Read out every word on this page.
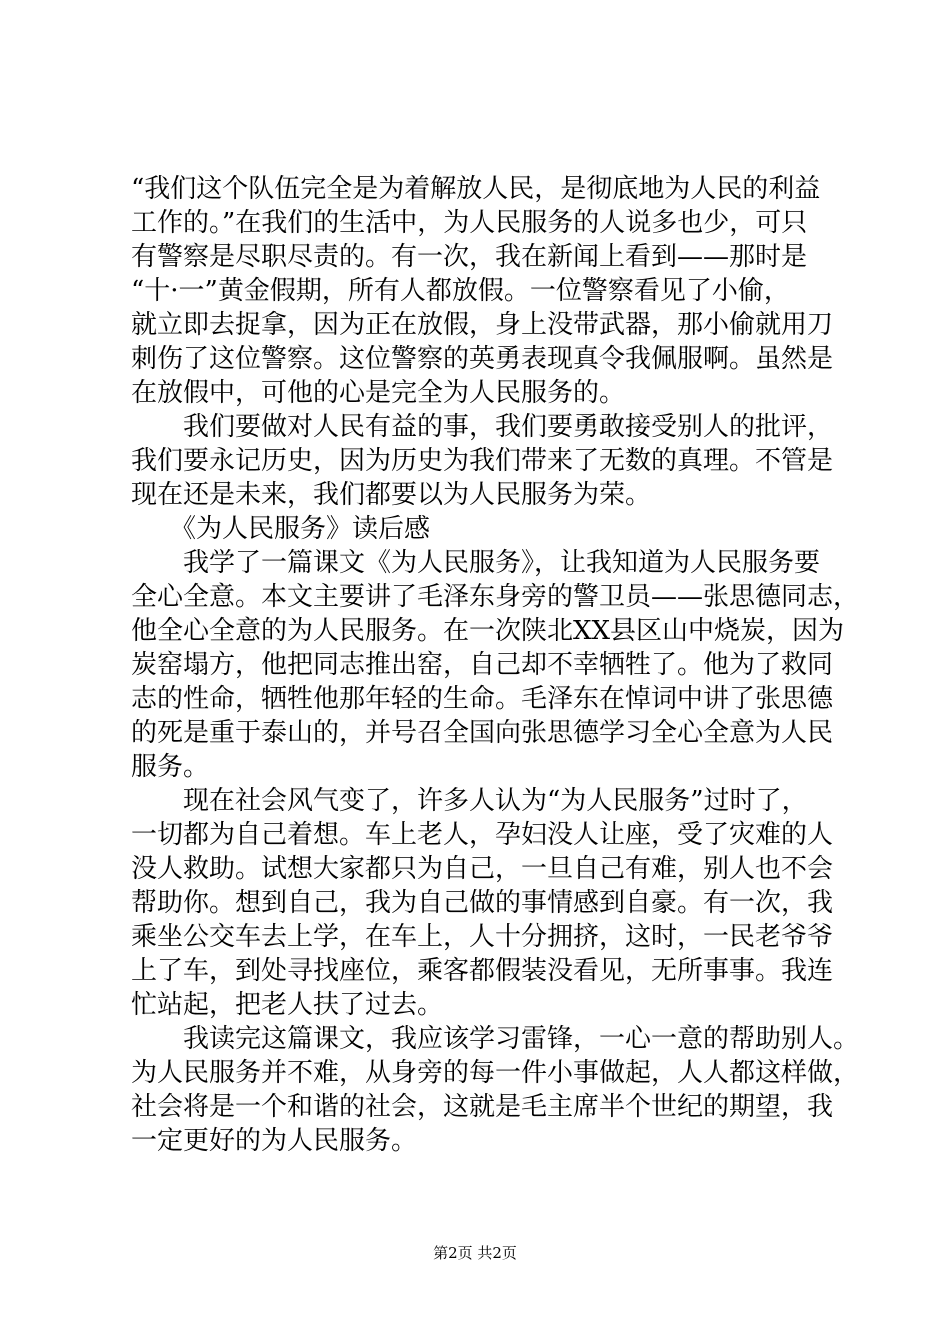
“我们这个队伍完全是为着解放人民，是彻底地为人民的利益
工作的。”在我们的生活中，为人民服务的人说多也少，可只
有警察是尽职尽责的。有一次，我在新闻上看到——那时是
“十·一”黄金假期，所有人都放假。一位警察看见了小偷，
就立即去捉拿，因为正在放假，身上没带武器，那小偷就用刀
刺伤了这位警察。这位警察的英勇表现真令我佩服啊。虽然是
在放假中，可他的心是完全为人民服务的。
　　我们要做对人民有益的事，我们要勇敢接受别人的批评，
我们要永记历史，因为历史为我们带来了无数的真理。不管是
现在还是未来，我们都要以为人民服务为荣。
　　《为人民服务》读后感
　　我学了一篇课文《为人民服务》，让我知道为人民服务要
全心全意。本文主要讲了毛泽东身旁的警卫员——张思德同志，
他全心全意的为人民服务。在一次陕北XX县区山中烧炭，因为
炭窑塌方，他把同志推出窑，自己却不幸牺牲了。他为了救同
志的性命，牺牲他那年轻的生命。毛泽东在悼词中讲了张思德
的死是重于泰山的，并号召全国向张思德学习全心全意为人民
服务。
　　现在社会风气变了，许多人认为“为人民服务”过时了，
一切都为自己着想。车上老人，孕妇没人让座，受了灾难的人
没人救助。试想大家都只为自己，一旦自己有难，别人也不会
帮助你。想到自己，我为自己做的事情感到自豪。有一次，我
乘坐公交车去上学，在车上，人十分拥挤，这时，一民老爷爷
上了车，到处寻找座位，乘客都假装没看见，无所事事。我连
忙站起，把老人扶了过去。
　　我读完这篇课文，我应该学习雷锋，一心一意的帮助别人。
为人民服务并不难，从身旁的每一件小事做起，人人都这样做，
社会将是一个和谐的社会，这就是毛主席半个世纪的期望，我
一定更好的为人民服务。
第2页 共2页
